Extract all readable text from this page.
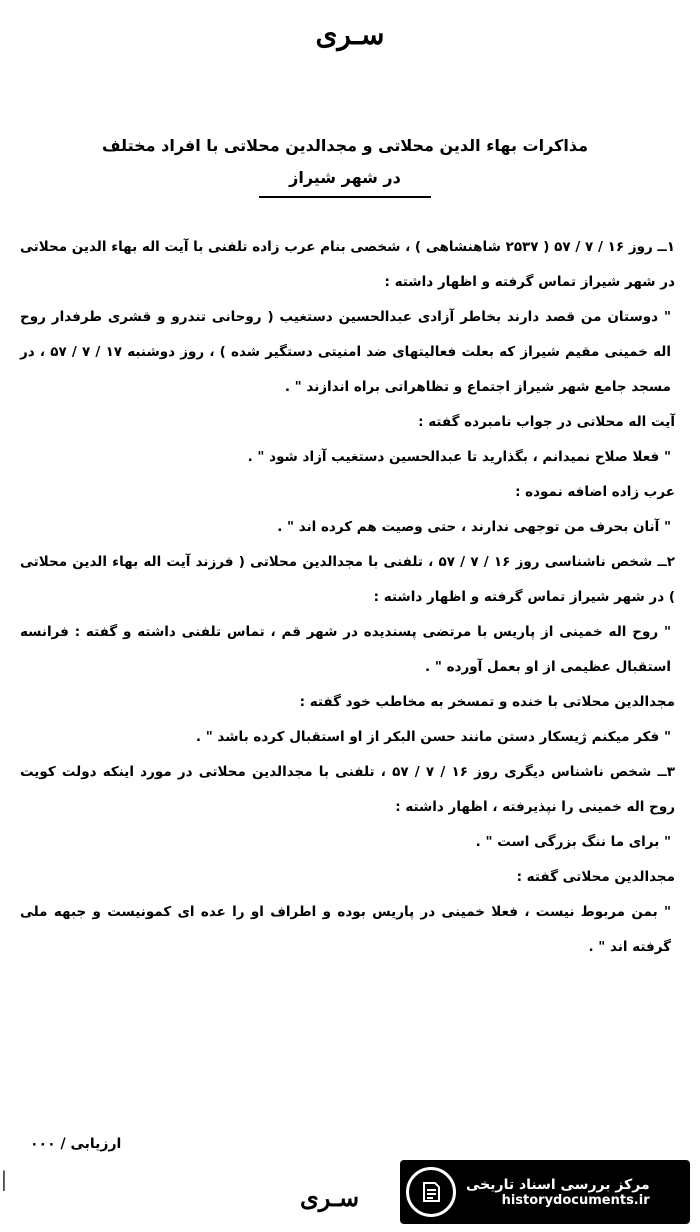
سـری
مذاکرات بهاء الدین محلاتی و مجدالدین محلاتی با افراد مختلف
در شهر شیراز

۱ــ روز ۱۶ / ۷ / ۵۷ ( ۲۵۳۷ شاهنشاهی ) ، شخصی بنام عرب زاده تلفنی با آیت اله بهاء الدین محلاتی در شهر شیراز تماس گرفته و اظهار داشته :

" دوستان من قصد دارند بخاطر آزادی عبدالحسین دستغیب ( روحانی تندرو و قشری طرفدار روح اله خمینی مقیم شیراز که بعلت فعالیتهای ضد امنیتی دستگیر شده ) ، روز دوشنبه ۱۷ / ۷ / ۵۷ ، در مسجد جامع شهر شیراز اجتماع و تظاهراتی براه اندازند " .

آیت اله محلاتی در جواب نامبرده گفته :

" فعلا صلاح نمیدانم ، بگذارید تا عبدالحسین دستغیب آزاد شود " .

عرب زاده اضافه نموده :

" آنان بحرف من توجهی ندارند ، حتی وصیت هم کرده اند " .

۲ــ شخص ناشناسی روز ۱۶ / ۷ / ۵۷ ، تلفنی با مجدالدین محلاتی ( فرزند آیت اله بهاء الدین محلاتی ) در شهر شیراز تماس گرفته و اظهار داشته :

" روح اله خمینی از پاریس با مرتضی پسندیده در شهر قم ، تماس تلفنی داشته و گفته : فرانسه استقبال عظیمی از او بعمل آورده " .

مجدالدین محلاتی با خنده و تمسخر به مخاطب خود گفته :

" فکر میکنم ژیسکار دستن مانند حسن البکر از او استقبال کرده باشد " .

۳ــ شخص ناشناس دیگری روز ۱۶ / ۷ / ۵۷ ، تلفنی با مجدالدین محلاتی در مورد اینکه دولت کویت روح اله خمینی را نپذیرفته ، اظهار داشته :

" برای ما ننگ بزرگی است " .

مجدالدین محلاتی گفته :

" بمن مربوط نیست ، فعلا خمینی در پاریس بوده و اطراف او را عده ای کمونیست و جبهه ملی گرفته اند " .

ارزیابی / ۰۰۰
سـری
ا
ا	مرکز بررسی اسناد تاریخی
historydocuments.ir
